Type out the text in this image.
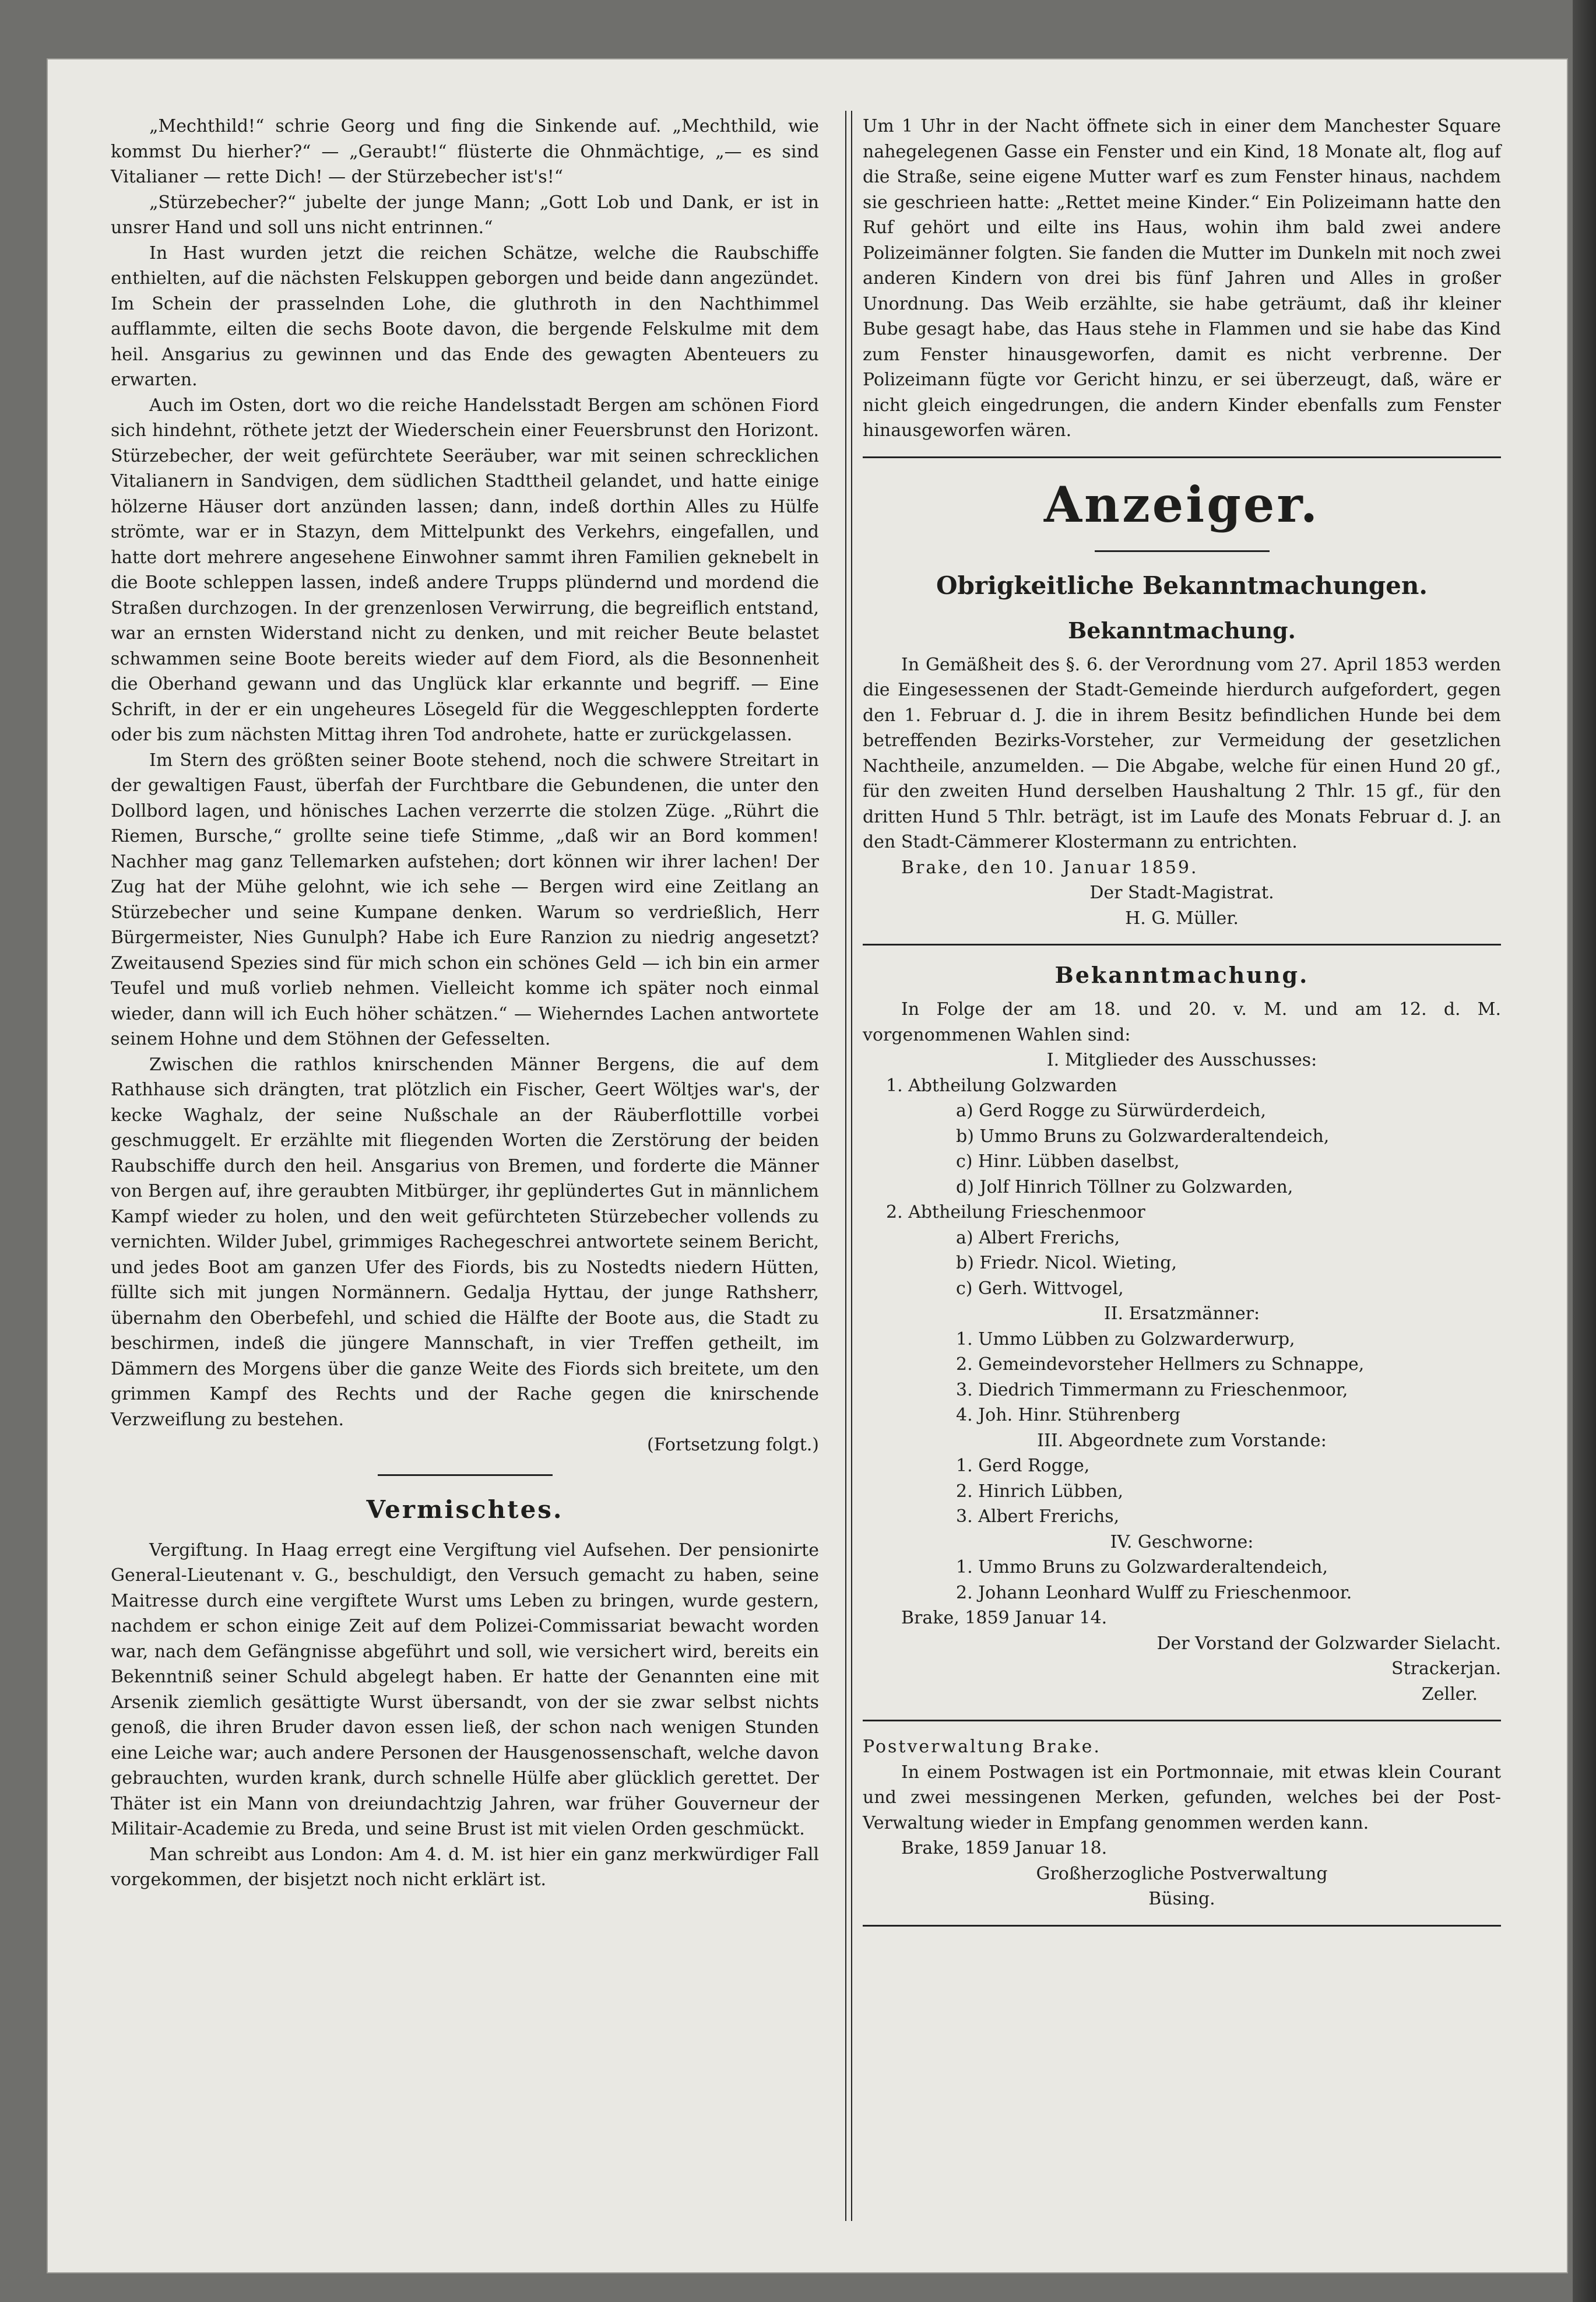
„Mechthild!“ schrie Georg und fing die Sinkende auf. „Mechthild, wie kommst Du hierher?“ — „Geraubt!“ flüsterte die Ohnmächtige, „— es sind Vitalianer — rette Dich! — der Stürzebecher ist's!“

„Stürzebecher?“ jubelte der junge Mann; „Gott Lob und Dank, er ist in unsrer Hand und soll uns nicht entrinnen.“

In Hast wurden jetzt die reichen Schätze, welche die Raubschiffe enthielten, auf die nächsten Felskuppen geborgen und beide dann angezündet. Im Schein der prasselnden Lohe, die gluthroth in den Nachthimmel aufflammte, eilten die sechs Boote davon, die bergende Felskulme mit dem heil. Ansgarius zu gewinnen und das Ende des gewagten Abenteuers zu erwarten.

Auch im Osten, dort wo die reiche Handelsstadt Bergen am schönen Fiord sich hindehnt, röthete jetzt der Wiederschein einer Feuersbrunst den Horizont. Stürzebecher, der weit gefürchtete Seeräuber, war mit seinen schrecklichen Vitalianern in Sandvigen, dem südlichen Stadttheil gelandet, und hatte einige hölzerne Häuser dort anzünden lassen; dann, indeß dorthin Alles zu Hülfe strömte, war er in Stazyn, dem Mittelpunkt des Verkehrs, eingefallen, und hatte dort mehrere angesehene Einwohner sammt ihren Familien geknebelt in die Boote schleppen lassen, indeß andere Trupps plündernd und mordend die Straßen durchzogen. In der grenzenlosen Verwirrung, die begreiflich entstand, war an ernsten Widerstand nicht zu denken, und mit reicher Beute belastet schwammen seine Boote bereits wieder auf dem Fiord, als die Besonnenheit die Oberhand gewann und das Unglück klar erkannte und begriff. — Eine Schrift, in der er ein ungeheures Lösegeld für die Weggeschleppten forderte oder bis zum nächsten Mittag ihren Tod androhete, hatte er zurückgelassen.

Im Stern des größten seiner Boote stehend, noch die schwere Streitart in der gewaltigen Faust, überfah der Furchtbare die Gebundenen, die unter den Dollbord lagen, und hönisches Lachen verzerrte die stolzen Züge. „Rührt die Riemen, Bursche,“ grollte seine tiefe Stimme, „daß wir an Bord kommen! Nachher mag ganz Tellemarken aufstehen; dort können wir ihrer lachen! Der Zug hat der Mühe gelohnt, wie ich sehe — Bergen wird eine Zeitlang an Stürzebecher und seine Kumpane denken. Warum so verdrießlich, Herr Bürgermeister, Nies Gunulph? Habe ich Eure Ranzion zu niedrig angesetzt? Zweitausend Spezies sind für mich schon ein schönes Geld — ich bin ein armer Teufel und muß vorlieb nehmen. Vielleicht komme ich später noch einmal wieder, dann will ich Euch höher schätzen.“ — Wieherndes Lachen antwortete seinem Hohne und dem Stöhnen der Gefesselten.

Zwischen die rathlos knirschenden Männer Bergens, die auf dem Rathhause sich drängten, trat plötzlich ein Fischer, Geert Wöltjes war's, der kecke Waghalz, der seine Nußschale an der Räuberflottille vorbei geschmuggelt. Er erzählte mit fliegenden Worten die Zerstörung der beiden Raubschiffe durch den heil. Ansgarius von Bremen, und forderte die Männer von Bergen auf, ihre geraubten Mitbürger, ihr geplündertes Gut in männlichem Kampf wieder zu holen, und den weit gefürchteten Stürzebecher vollends zu vernichten. Wilder Jubel, grimmiges Rachegeschrei antwortete seinem Bericht, und jedes Boot am ganzen Ufer des Fiords, bis zu Nostedts niedern Hütten, füllte sich mit jungen Normännern. Gedalja Hyttau, der junge Rathsherr, übernahm den Oberbefehl, und schied die Hälfte der Boote aus, die Stadt zu beschirmen, indeß die jüngere Mannschaft, in vier Treffen getheilt, im Dämmern des Morgens über die ganze Weite des Fiords sich breitete, um den grimmen Kampf des Rechts und der Rache gegen die knirschende Verzweiflung zu bestehen.

(Fortsetzung folgt.)

Vermischtes.

Vergiftung. In Haag erregt eine Vergiftung viel Aufsehen. Der pensionirte General-Lieutenant v. G., beschuldigt, den Versuch gemacht zu haben, seine Maitresse durch eine vergiftete Wurst ums Leben zu bringen, wurde gestern, nachdem er schon einige Zeit auf dem Polizei-Commissariat bewacht worden war, nach dem Gefängnisse abgeführt und soll, wie versichert wird, bereits ein Bekenntniß seiner Schuld abgelegt haben. Er hatte der Genannten eine mit Arsenik ziemlich gesättigte Wurst übersandt, von der sie zwar selbst nichts genoß, die ihren Bruder davon essen ließ, der schon nach wenigen Stunden eine Leiche war; auch andere Personen der Hausgenossenschaft, welche davon gebrauchten, wurden krank, durch schnelle Hülfe aber glücklich gerettet. Der Thäter ist ein Mann von dreiundachtzig Jahren, war früher Gouverneur der Militair-Academie zu Breda, und seine Brust ist mit vielen Orden geschmückt.

Man schreibt aus London: Am 4. d. M. ist hier ein ganz merkwürdiger Fall vorgekommen, der bisjetzt noch nicht erklärt ist.

Um 1 Uhr in der Nacht öffnete sich in einer dem Manchester Square nahegelegenen Gasse ein Fenster und ein Kind, 18 Monate alt, flog auf die Straße, seine eigene Mutter warf es zum Fenster hinaus, nachdem sie geschrieen hatte: „Rettet meine Kinder.“ Ein Polizeimann hatte den Ruf gehört und eilte ins Haus, wohin ihm bald zwei andere Polizeimänner folgten. Sie fanden die Mutter im Dunkeln mit noch zwei anderen Kindern von drei bis fünf Jahren und Alles in großer Unordnung. Das Weib erzählte, sie habe geträumt, daß ihr kleiner Bube gesagt habe, das Haus stehe in Flammen und sie habe das Kind zum Fenster hinausgeworfen, damit es nicht verbrenne. Der Polizeimann fügte vor Gericht hinzu, er sei überzeugt, daß, wäre er nicht gleich eingedrungen, die andern Kinder ebenfalls zum Fenster hinausgeworfen wären.

Anzeiger.
Obrigkeitliche Bekanntmachungen.
Bekanntmachung.

In Gemäßheit des §. 6. der Verordnung vom 27. April 1853 werden die Eingesessenen der Stadt-Gemeinde hierdurch aufgefordert, gegen den 1. Februar d. J. die in ihrem Besitz befindlichen Hunde bei dem betreffenden Bezirks-Vorsteher, zur Vermeidung der gesetzlichen Nachtheile, anzumelden. — Die Abgabe, welche für einen Hund 20 gf., für den zweiten Hund derselben Haushaltung 2 Thlr. 15 gf., für den dritten Hund 5 Thlr. beträgt, ist im Laufe des Monats Februar d. J. an den Stadt-Cämmerer Klostermann zu entrichten.

Brake, den 10. Januar 1859.

Der Stadt-Magistrat.

H. G. Müller.

Bekanntmachung.

In Folge der am 18. und 20. v. M. und am 12. d. M. vorgenommenen Wahlen sind:

I. Mitglieder des Ausschusses:

1. Abtheilung Golzwarden

a) Gerd Rogge zu Sürwürderdeich,

b) Ummo Bruns zu Golzwarderaltendeich,

c) Hinr. Lübben daselbst,

d) Jolf Hinrich Töllner zu Golzwarden,

2. Abtheilung Frieschenmoor

a) Albert Frerichs,

b) Friedr. Nicol. Wieting,

c) Gerh. Wittvogel,

II. Ersatzmänner:

1. Ummo Lübben zu Golzwarderwurp,

2. Gemeindevorsteher Hellmers zu Schnappe,

3. Diedrich Timmermann zu Frieschenmoor,

4. Joh. Hinr. Stührenberg

III. Abgeordnete zum Vorstande:

1. Gerd Rogge,

2. Hinrich Lübben,

3. Albert Frerichs,

IV. Geschworne:

1. Ummo Bruns zu Golzwarderaltendeich,

2. Johann Leonhard Wulff zu Frieschenmoor.

Brake, 1859 Januar 14.

Der Vorstand der Golzwarder Sielacht.

Strackerjan.

Zeller.

Postverwaltung Brake.

In einem Postwagen ist ein Portmonnaie, mit etwas klein Courant und zwei messingenen Merken, gefunden, welches bei der Post-Verwaltung wieder in Empfang genommen werden kann.

Brake, 1859 Januar 18.

Großherzogliche Postverwaltung

Büsing.
